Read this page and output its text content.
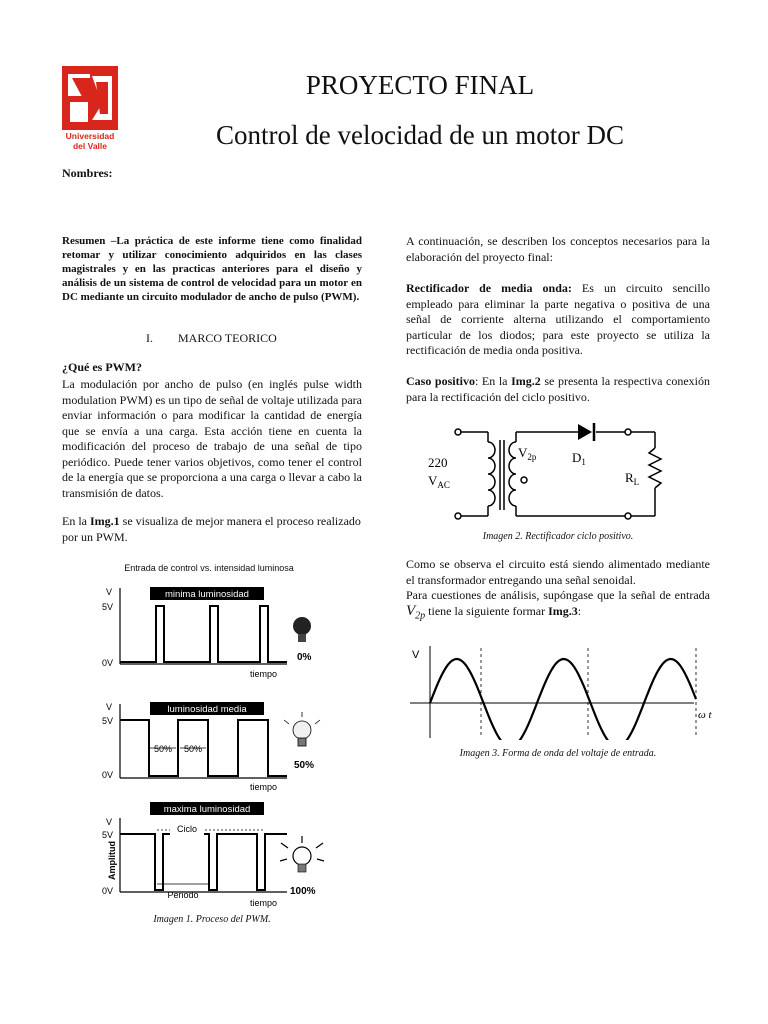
Universidad
del Valle
PROYECTO FINAL
Control de velocidad de un motor DC
Nombres:
Resumen –La práctica de este informe tiene como finalidad retomar y utilizar conocimiento adquiridos en las clases magistrales y en las practicas anteriores para el diseño y análisis de un sistema de control de velocidad para un motor en DC mediante un circuito modulador de ancho de pulso (PWM).
I. MARCO TEORICO
¿Qué es PWM?
La modulación por ancho de pulso (en inglés pulse width modulation PWM) es un tipo de señal de voltaje utilizada para enviar información o para modificar la cantidad de energía que se envía a una carga. Esta acción tiene en cuenta la modificación del proceso de trabajo de una señal de tipo periódico. Puede tener varios objetivos, como tener el control de la energía que se proporciona a una carga o llevar a cabo la transmisión de datos.
En la Img.1 se visualiza de mejor manera el proceso realizado por un PWM.
Entrada de control vs. intensidad luminosa
minima luminosidad
luminosidad media
maxima luminosidad
V
5V
0V
tiempo
V
5V
0V
tiempo
V
5V
0V
tiempo
50% 50%
Ciclo
Periodo
Amplitud
0%
50%
100%
Imagen 1. Proceso del PWM.
A continuación, se describen los conceptos necesarios para la elaboración del proyecto final:
Rectificador de media onda: Es un circuito sencillo empleado para eliminar la parte negativa o positiva de una señal de corriente alterna utilizando el comportamiento particular de los diodos; para este proyecto se utiliza la rectificación de media onda positiva.
Caso positivo: En la Img.2 se presenta la respectiva conexión para la rectificación del ciclo positivo.
220
$V_{AC}$
$V_{2p}$	$D_1$
$R_L$
Imagen 2. Rectificador ciclo positivo.
Como se observa el circuito está siendo alimentado mediante el transformador entregando una señal senoidal.
Para cuestiones de análisis, supóngase que la señal de entrada $V_{2p}$ tiene la siguiente formar Img.3:
V
ω t
Imagen 3. Forma de onda del voltaje de entrada.
